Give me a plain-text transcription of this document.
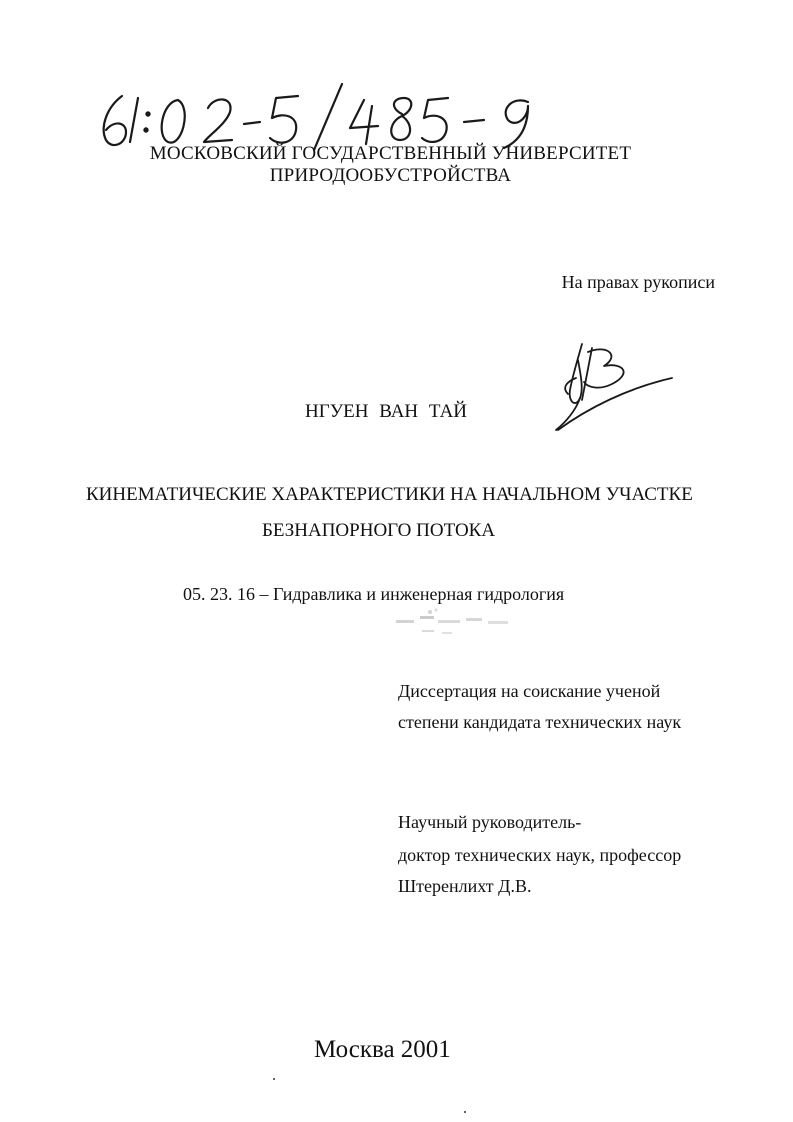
МОСКОВСКИЙ ГОСУДАРСТВЕННЫЙ УНИВЕРСИТЕТ
ПРИРОДООБУСТРОЙСТВА
На правах рукописи
НГУЕН ВАН ТАЙ
КИНЕМАТИЧЕСКИЕ ХАРАКТЕРИСТИКИ НА НАЧАЛЬНОМ УЧАСТКЕ
БЕЗНАПОРНОГО ПОТОКА
05. 23. 16 – Гидравлика и инженерная гидрология
Диссертация на соискание ученой
степени кандидата технических наук
Научный руководитель-
доктор технических наук, профессор
Штеренлихт Д.В.
Москва 2001
